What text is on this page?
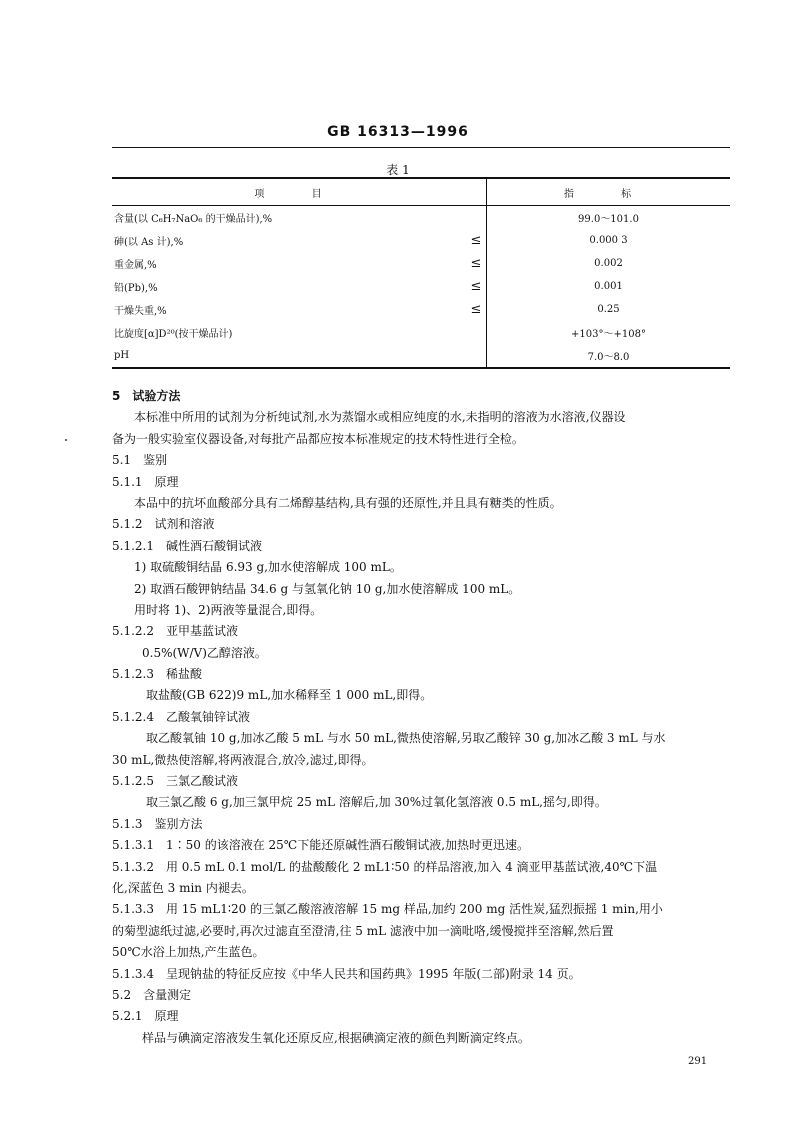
GB 16313—1996
表 1
项 目		指 标
含量(以 C₆H₇NaO₆ 的干燥品计),%		99.0～101.0
砷(以 As 计),%	≤	0.000 3
重金属,%	≤	0.002
铅(Pb),%	≤	0.001
干燥失重,%	≤	0.25
比旋度[α]D²⁰(按干燥品计)		+103°～+108°
pH		7.0～8.0
5　试验方法
本标准中所用的试剂为分析纯试剂,水为蒸馏水或相应纯度的水,未指明的溶液为水溶液,仪器设
备为一般实验室仪器设备,对每批产品都应按本标准规定的技术特性进行全检。
5.1　鉴别
5.1.1　原理
本品中的抗坏血酸部分具有二烯醇基结构,具有强的还原性,并且具有糖类的性质。
5.1.2　试剂和溶液
5.1.2.1　碱性酒石酸铜试液
1) 取硫酸铜结晶 6.93 g,加水使溶解成 100 mL。
2) 取酒石酸钾钠结晶 34.6 g 与氢氧化钠 10 g,加水使溶解成 100 mL。
用时将 1)、2)两液等量混合,即得。
5.1.2.2　亚甲基蓝试液
0.5%(W/V)乙醇溶液。
5.1.2.3　稀盐酸
取盐酸(GB 622)9 mL,加水稀释至 1 000 mL,即得。
5.1.2.4　乙酸氧铀锌试液
取乙酸氧铀 10 g,加冰乙酸 5 mL 与水 50 mL,微热使溶解,另取乙酸锌 30 g,加冰乙酸 3 mL 与水
30 mL,微热使溶解,将两液混合,放冷,滤过,即得。
5.1.2.5　三氯乙酸试液
取三氯乙酸 6 g,加三氯甲烷 25 mL 溶解后,加 30%过氧化氢溶液 0.5 mL,摇匀,即得。
5.1.3　鉴别方法
5.1.3.1　1∶50 的该溶液在 25℃下能还原碱性酒石酸铜试液,加热时更迅速。
5.1.3.2　用 0.5 mL 0.1 mol/L 的盐酸酸化 2 mL1∶50 的样品溶液,加入 4 滴亚甲基蓝试液,40℃下温
化,深蓝色 3 min 内褪去。
5.1.3.3　用 15 mL1∶20 的三氯乙酸溶液溶解 15 mg 样品,加约 200 mg 活性炭,猛烈振摇 1 min,用小
的菊型滤纸过滤,必要时,再次过滤直至澄清,往 5 mL 滤液中加一滴吡咯,缓慢搅拌至溶解,然后置
50℃水浴上加热,产生蓝色。
5.1.3.4　呈现钠盐的特征反应按《中华人民共和国药典》1995 年版(二部)附录 14 页。
5.2　含量测定
5.2.1　原理
样品与碘滴定溶液发生氧化还原反应,根据碘滴定液的颜色判断滴定终点。
291
